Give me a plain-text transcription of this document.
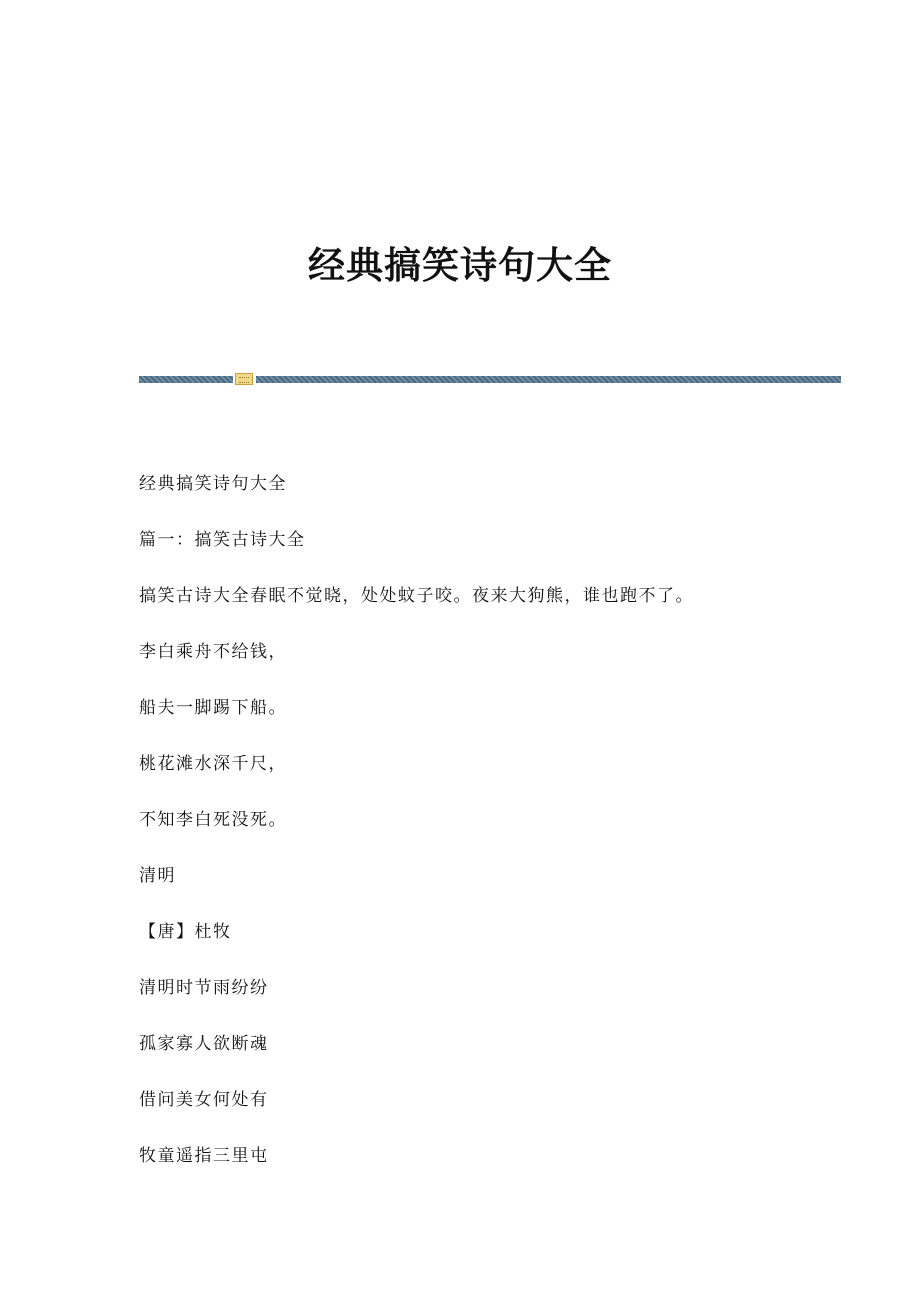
经典搞笑诗句大全
经典搞笑诗句大全
篇一：搞笑古诗大全
搞笑古诗大全春眠不觉晓，处处蚊子咬。夜来大狗熊，谁也跑不了。
李白乘舟不给钱，
船夫一脚踢下船。
桃花滩水深千尺，
不知李白死没死。
清明
【唐】杜牧
清明时节雨纷纷
孤家寡人欲断魂
借问美女何处有
牧童遥指三里屯
